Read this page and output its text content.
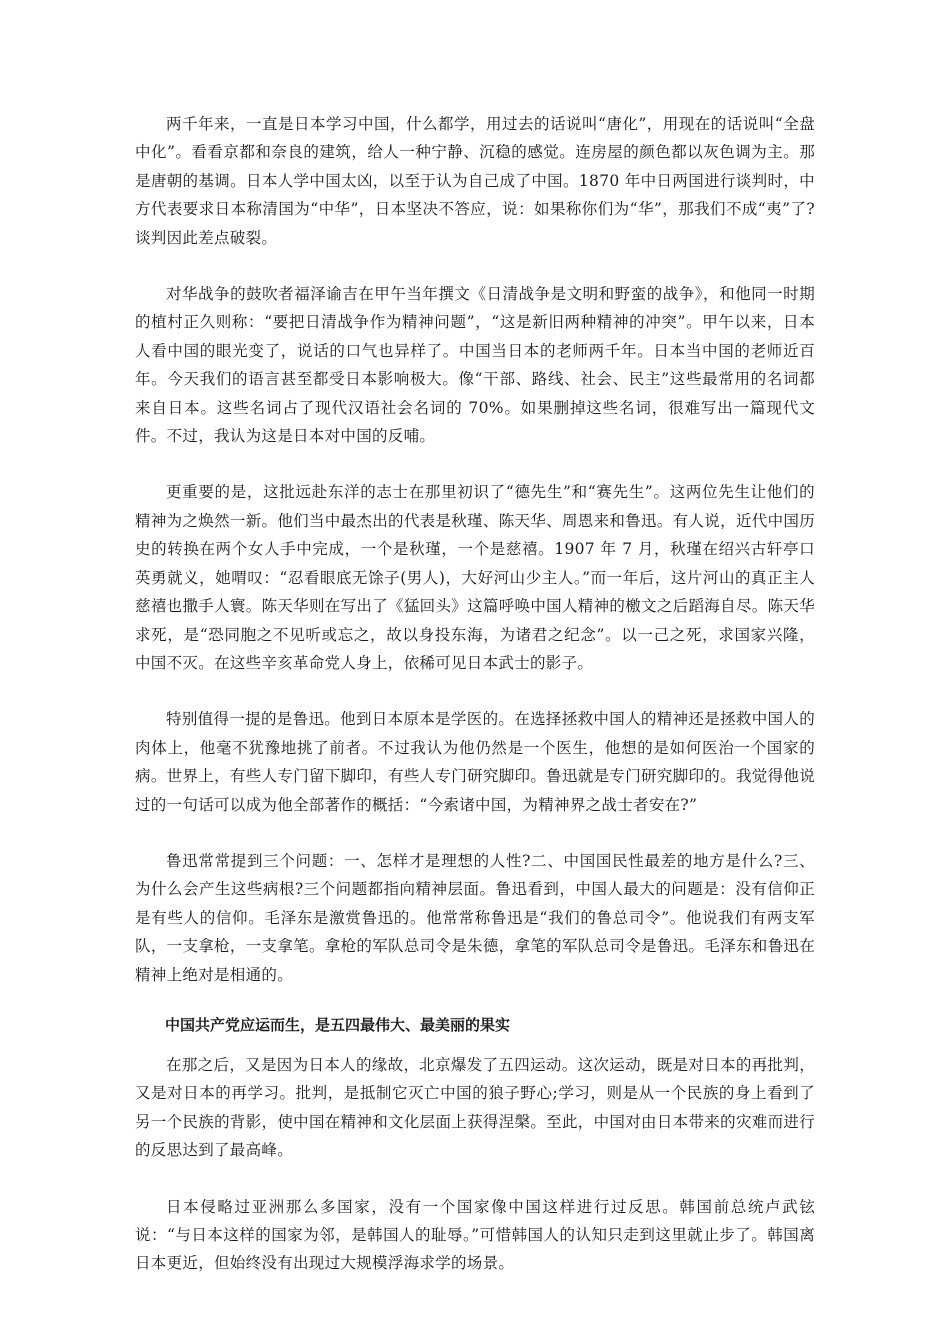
两千年来，一直是日本学习中国，什么都学，用过去的话说叫“唐化”，用现在的话说叫“全盘中化”。看看京都和奈良的建筑，给人一种宁静、沉稳的感觉。连房屋的颜色都以灰色调为主。那是唐朝的基调。日本人学中国太凶，以至于认为自己成了中国。1870 年中日两国进行谈判时，中方代表要求日本称清国为“中华”，日本坚决不答应，说：如果称你们为“华”，那我们不成“夷”了?谈判因此差点破裂。

对华战争的鼓吹者福泽谕吉在甲午当年撰文《日清战争是文明和野蛮的战争》，和他同一时期的植村正久则称：“要把日清战争作为精神问题”，“这是新旧两种精神的冲突”。甲午以来，日本人看中国的眼光变了，说话的口气也异样了。中国当日本的老师两千年。日本当中国的老师近百年。今天我们的语言甚至都受日本影响极大。像“干部、路线、社会、民主”这些最常用的名词都来自日本。这些名词占了现代汉语社会名词的 70%。如果删掉这些名词，很难写出一篇现代文件。不过，我认为这是日本对中国的反哺。

更重要的是，这批远赴东洋的志士在那里初识了“德先生”和“赛先生”。这两位先生让他们的精神为之焕然一新。他们当中最杰出的代表是秋瑾、陈天华、周恩来和鲁迅。有人说，近代中国历史的转换在两个女人手中完成，一个是秋瑾，一个是慈禧。1907 年 7 月，秋瑾在绍兴古轩亭口英勇就义，她喟叹：“忍看眼底无馀子(男人)，大好河山少主人。”而一年后，这片河山的真正主人慈禧也撒手人寰。陈天华则在写出了《猛回头》这篇呼唤中国人精神的檄文之后蹈海自尽。陈天华求死，是“恐同胞之不见听或忘之，故以身投东海，为诸君之纪念”。以一己之死，求国家兴隆，中国不灭。在这些辛亥革命党人身上，依稀可见日本武士的影子。

特别值得一提的是鲁迅。他到日本原本是学医的。在选择拯救中国人的精神还是拯救中国人的肉体上，他毫不犹豫地挑了前者。不过我认为他仍然是一个医生，他想的是如何医治一个国家的病。世界上，有些人专门留下脚印，有些人专门研究脚印。鲁迅就是专门研究脚印的。我觉得他说过的一句话可以成为他全部著作的概括：“今索诸中国，为精神界之战士者安在?”

鲁迅常常提到三个问题：一、怎样才是理想的人性?二、中国国民性最差的地方是什么?三、为什么会产生这些病根?三个问题都指向精神层面。鲁迅看到，中国人最大的问题是：没有信仰正是有些人的信仰。毛泽东是激赏鲁迅的。他常常称鲁迅是“我们的鲁总司令”。他说我们有两支军队，一支拿枪，一支拿笔。拿枪的军队总司令是朱德，拿笔的军队总司令是鲁迅。毛泽东和鲁迅在精神上绝对是相通的。

中国共产党应运而生，是五四最伟大、最美丽的果实

在那之后，又是因为日本人的缘故，北京爆发了五四运动。这次运动，既是对日本的再批判，又是对日本的再学习。批判，是抵制它灭亡中国的狼子野心;学习，则是从一个民族的身上看到了另一个民族的背影，使中国在精神和文化层面上获得涅槃。至此，中国对由日本带来的灾难而进行的反思达到了最高峰。

日本侵略过亚洲那么多国家，没有一个国家像中国这样进行过反思。韩国前总统卢武铉说：“与日本这样的国家为邻，是韩国人的耻辱。”可惜韩国人的认知只走到这里就止步了。韩国离日本更近，但始终没有出现过大规模浮海求学的场景。
